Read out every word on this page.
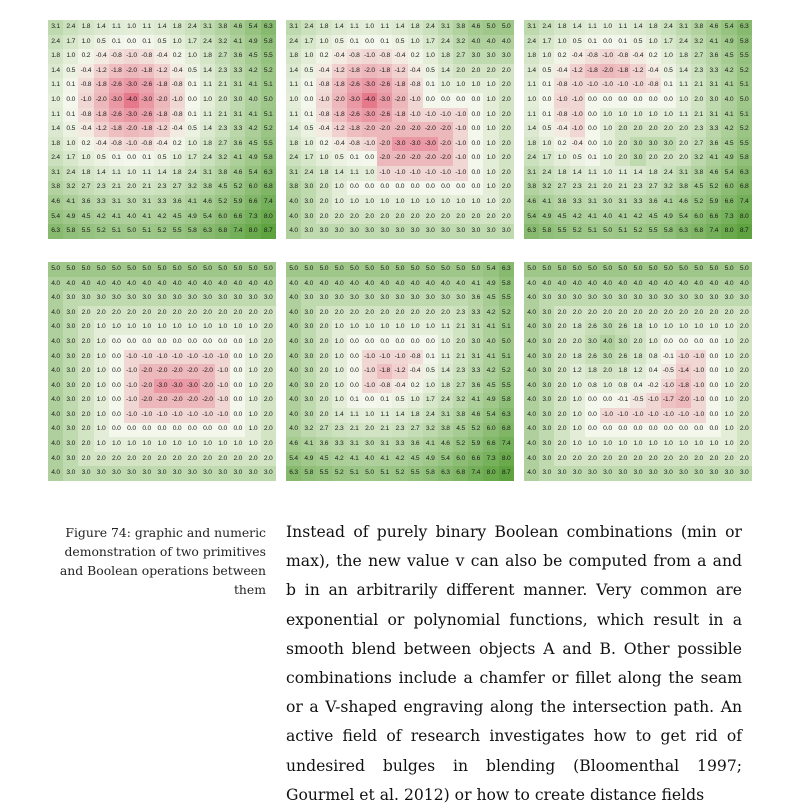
3.1 2.4 1.8 1.4 1.1 1.0 1.1 1.4 1.8 2.4 3.1 3.8 4.6 5.4 6.3
2.4 1.7 1.0 0.5 0.1 0.0 0.1 0.5 1.0 1.7 2.4 3.2 4.1 4.9 5.8
1.8 1.0 0.2 -0.4 -0.8 -1.0 -0.8 -0.4 0.2 1.0 1.8 2.7 3.6 4.5 5.5
1.4 0.5 -0.4 -1.2 -1.8 -2.0 -1.8 -1.2 -0.4 0.5 1.4 2.3 3.3 4.2 5.2
1.1 0.1 -0.8 -1.8 -2.6 -3.0 -2.6 -1.8 -0.8 0.1 1.1 2.1 3.1 4.1 5.1
1.0 0.0 -1.0 -2.0 -3.0 -4.0 -3.0 -2.0 -1.0 0.0 1.0 2.0 3.0 4.0 5.0
1.1 0.1 -0.8 -1.8 -2.6 -3.0 -2.6 -1.8 -0.8 0.1 1.1 2.1 3.1 4.1 5.1
1.4 0.5 -0.4 -1.2 -1.8 -2.0 -1.8 -1.2 -0.4 0.5 1.4 2.3 3.3 4.2 5.2
1.8 1.0 0.2 -0.4 -0.8 -1.0 -0.8 -0.4 0.2 1.0 1.8 2.7 3.6 4.5 5.5
2.4 1.7 1.0 0.5 0.1 0.0 0.1 0.5 1.0 1.7 2.4 3.2 4.1 4.9 5.8
3.1 2.4 1.8 1.4 1.1 1.0 1.1 1.4 1.8 2.4 3.1 3.8 4.6 5.4 6.3
3.8 3.2 2.7 2.3 2.1 2.0 2.1 2.3 2.7 3.2 3.8 4.5 5.2 6.0 6.8
4.6 4.1 3.6 3.3 3.1 3.0 3.1 3.3 3.6 4.1 4.6 5.2 5.9 6.6 7.4
5.4 4.9 4.5 4.2 4.1 4.0 4.1 4.2 4.5 4.9 5.4 6.0 6.6 7.3 8.0
6.3 5.8 5.5 5.2 5.1 5.0 5.1 5.2 5.5 5.8 6.3 6.8 7.4 8.0 8.7
3.1 2.4 1.8 1.4 1.1 1.0 1.1 1.4 1.8 2.4 3.1 3.8 4.6 5.0 5.0
2.4 1.7 1.0 0.5 0.1 0.0 0.1 0.5 1.0 1.7 2.4 3.2 4.0 4.0 4.0
1.8 1.0 0.2 -0.4 -0.8 -1.0 -0.8 -0.4 0.2 1.0 1.8 2.7 3.0 3.0 3.0
1.4 0.5 -0.4 -1.2 -1.8 -2.0 -1.8 -1.2 -0.4 0.5 1.4 2.0 2.0 2.0 2.0
1.1 0.1 -0.8 -1.8 -2.6 -3.0 -2.6 -1.8 -0.8 0.1 1.0 1.0 1.0 1.0 2.0
1.0 0.0 -1.0 -2.0 -3.0 -4.0 -3.0 -2.0 -1.0 0.0 0.0 0.0 0.0 1.0 2.0
1.1 0.1 -0.8 -1.8 -2.6 -3.0 -2.6 -1.8 -1.0 -1.0 -1.0 -1.0 0.0 1.0 2.0
1.4 0.5 -0.4 -1.2 -1.8 -2.0 -2.0 -2.0 -2.0 -2.0 -2.0 -1.0 0.0 1.0 2.0
1.8 1.0 0.2 -0.4 -0.8 -1.0 -2.0 -3.0 -3.0 -3.0 -2.0 -1.0 0.0 1.0 2.0
2.4 1.7 1.0 0.5 0.1 0.0 -2.0 -2.0 -2.0 -2.0 -2.0 -1.0 0.0 1.0 2.0
3.1 2.4 1.8 1.4 1.1 1.0 -1.0 -1.0 -1.0 -1.0 -1.0 -1.0 0.0 1.0 2.0
3.8 3.0 2.0 1.0 0.0 0.0 0.0 0.0 0.0 0.0 0.0 0.0 0.0 1.0 2.0
4.0 3.0 2.0 1.0 1.0 1.0 1.0 1.0 1.0 1.0 1.0 1.0 1.0 1.0 2.0
4.0 3.0 2.0 2.0 2.0 2.0 2.0 2.0 2.0 2.0 2.0 2.0 2.0 2.0 2.0
4.0 3.0 3.0 3.0 3.0 3.0 3.0 3.0 3.0 3.0 3.0 3.0 3.0 3.0 3.0
3.1 2.4 1.8 1.4 1.1 1.0 1.1 1.4 1.8 2.4 3.1 3.8 4.6 5.4 6.3
2.4 1.7 1.0 0.5 0.1 0.0 0.1 0.5 1.0 1.7 2.4 3.2 4.1 4.9 5.8
1.8 1.0 0.2 -0.4 -0.8 -1.0 -0.8 -0.4 0.2 1.0 1.8 2.7 3.6 4.5 5.5
1.4 0.5 -0.4 -1.2 -1.8 -2.0 -1.8 -1.2 -0.4 0.5 1.4 2.3 3.3 4.2 5.2
1.1 0.1 -0.8 -1.0 -1.0 -1.0 -1.0 -1.0 -0.8 0.1 1.1 2.1 3.1 4.1 5.1
1.0 0.0 -1.0 -1.0 0.0 0.0 0.0 0.0 0.0 0.0 1.0 2.0 3.0 4.0 5.0
1.1 0.1 -0.8 -1.0 0.0 1.0 1.0 1.0 1.0 1.0 1.1 2.1 3.1 4.1 5.1
1.4 0.5 -0.4 -1.0 0.0 1.0 2.0 2.0 2.0 2.0 2.0 2.3 3.3 4.2 5.2
1.8 1.0 0.2 -0.4 0.0 1.0 2.0 3.0 3.0 3.0 2.0 2.7 3.6 4.5 5.5
2.4 1.7 1.0 0.5 0.1 1.0 2.0 3.0 2.0 2.0 2.0 3.2 4.1 4.9 5.8
3.1 2.4 1.8 1.4 1.1 1.0 1.1 1.4 1.8 2.4 3.1 3.8 4.6 5.4 6.3
3.8 3.2 2.7 2.3 2.1 2.0 2.1 2.3 2.7 3.2 3.8 4.5 5.2 6.0 6.8
4.6 4.1 3.6 3.3 3.1 3.0 3.1 3.3 3.6 4.1 4.6 5.2 5.9 6.6 7.4
5.4 4.9 4.5 4.2 4.1 4.0 4.1 4.2 4.5 4.9 5.4 6.0 6.6 7.3 8.0
6.3 5.8 5.5 5.2 5.1 5.0 5.1 5.2 5.5 5.8 6.3 6.8 7.4 8.0 8.7
5.0 5.0 5.0 5.0 5.0 5.0 5.0 5.0 5.0 5.0 5.0 5.0 5.0 5.0 5.0
4.0 4.0 4.0 4.0 4.0 4.0 4.0 4.0 4.0 4.0 4.0 4.0 4.0 4.0 4.0
4.0 3.0 3.0 3.0 3.0 3.0 3.0 3.0 3.0 3.0 3.0 3.0 3.0 3.0 3.0
4.0 3.0 2.0 2.0 2.0 2.0 2.0 2.0 2.0 2.0 2.0 2.0 2.0 2.0 2.0
4.0 3.0 2.0 1.0 1.0 1.0 1.0 1.0 1.0 1.0 1.0 1.0 1.0 1.0 2.0
4.0 3.0 2.0 1.0 0.0 0.0 0.0 0.0 0.0 0.0 0.0 0.0 0.0 1.0 2.0
4.0 3.0 2.0 1.0 0.0 -1.0 -1.0 -1.0 -1.0 -1.0 -1.0 -1.0 0.0 1.0 2.0
4.0 3.0 2.0 1.0 0.0 -1.0 -2.0 -2.0 -2.0 -2.0 -2.0 -1.0 0.0 1.0 2.0
4.0 3.0 2.0 1.0 0.0 -1.0 -2.0 -3.0 -3.0 -3.0 -2.0 -1.0 0.0 1.0 2.0
4.0 3.0 2.0 1.0 0.0 -1.0 -2.0 -2.0 -2.0 -2.0 -2.0 -1.0 0.0 1.0 2.0
4.0 3.0 2.0 1.0 0.0 -1.0 -1.0 -1.0 -1.0 -1.0 -1.0 -1.0 0.0 1.0 2.0
4.0 3.0 2.0 1.0 0.0 0.0 0.0 0.0 0.0 0.0 0.0 0.0 0.0 1.0 2.0
4.0 3.0 2.0 1.0 1.0 1.0 1.0 1.0 1.0 1.0 1.0 1.0 1.0 1.0 2.0
4.0 3.0 2.0 2.0 2.0 2.0 2.0 2.0 2.0 2.0 2.0 2.0 2.0 2.0 2.0
4.0 3.0 3.0 3.0 3.0 3.0 3.0 3.0 3.0 3.0 3.0 3.0 3.0 3.0 3.0
5.0 5.0 5.0 5.0 5.0 5.0 5.0 5.0 5.0 5.0 5.0 5.0 5.0 5.4 6.3
4.0 4.0 4.0 4.0 4.0 4.0 4.0 4.0 4.0 4.0 4.0 4.0 4.1 4.9 5.8
4.0 3.0 3.0 3.0 3.0 3.0 3.0 3.0 3.0 3.0 3.0 3.0 3.6 4.5 5.5
4.0 3.0 2.0 2.0 2.0 2.0 2.0 2.0 2.0 2.0 2.0 2.3 3.3 4.2 5.2
4.0 3.0 2.0 1.0 1.0 1.0 1.0 1.0 1.0 1.0 1.1 2.1 3.1 4.1 5.1
4.0 3.0 2.0 1.0 0.0 0.0 0.0 0.0 0.0 0.0 1.0 2.0 3.0 4.0 5.0
4.0 3.0 2.0 1.0 0.0 -1.0 -1.0 -1.0 -0.8 0.1 1.1 2.1 3.1 4.1 5.1
4.0 3.0 2.0 1.0 0.0 -1.0 -1.8 -1.2 -0.4 0.5 1.4 2.3 3.3 4.2 5.2
4.0 3.0 2.0 1.0 0.0 -1.0 -0.8 -0.4 0.2 1.0 1.8 2.7 3.6 4.5 5.5
4.0 3.0 2.0 1.0 0.1 0.0 0.1 0.5 1.0 1.7 2.4 3.2 4.1 4.9 5.8
4.0 3.0 2.0 1.4 1.1 1.0 1.1 1.4 1.8 2.4 3.1 3.8 4.6 5.4 6.3
4.0 3.2 2.7 2.3 2.1 2.0 2.1 2.3 2.7 3.2 3.8 4.5 5.2 6.0 6.8
4.6 4.1 3.6 3.3 3.1 3.0 3.1 3.3 3.6 4.1 4.6 5.2 5.9 6.6 7.4
5.4 4.9 4.5 4.2 4.1 4.0 4.1 4.2 4.5 4.9 5.4 6.0 6.6 7.3 8.0
6.3 5.8 5.5 5.2 5.1 5.0 5.1 5.2 5.5 5.8 6.3 6.8 7.4 8.0 8.7
5.0 5.0 5.0 5.0 5.0 5.0 5.0 5.0 5.0 5.0 5.0 5.0 5.0 5.0 5.0
4.0 4.0 4.0 4.0 4.0 4.0 4.0 4.0 4.0 4.0 4.0 4.0 4.0 4.0 4.0
4.0 3.0 3.0 3.0 3.0 3.0 3.0 3.0 3.0 3.0 3.0 3.0 3.0 3.0 3.0
4.0 3.0 2.0 2.0 2.0 2.0 2.0 2.0 2.0 2.0 2.0 2.0 2.0 2.0 2.0
4.0 3.0 2.0 1.8 2.6 3.0 2.6 1.8 1.0 1.0 1.0 1.0 1.0 1.0 2.0
4.0 3.0 2.0 2.0 3.0 4.0 3.0 2.0 1.0 0.0 0.0 0.0 0.0 1.0 2.0
4.0 3.0 2.0 1.8 2.6 3.0 2.6 1.8 0.8 -0.1 -1.0 -1.0 0.0 1.0 2.0
4.0 3.0 2.0 1.2 1.8 2.0 1.8 1.2 0.4 -0.5 -1.4 -1.0 0.0 1.0 2.0
4.0 3.0 2.0 1.0 0.8 1.0 0.8 0.4 -0.2 -1.0 -1.8 -1.0 0.0 1.0 2.0
4.0 3.0 2.0 1.0 0.0 0.0 -0.1 -0.5 -1.0 -1.7 -2.0 -1.0 0.0 1.0 2.0
4.0 3.0 2.0 1.0 0.0 -1.0 -1.0 -1.0 -1.0 -1.0 -1.0 -1.0 0.0 1.0 2.0
4.0 3.0 2.0 1.0 0.0 0.0 0.0 0.0 0.0 0.0 0.0 0.0 0.0 1.0 2.0
4.0 3.0 2.0 1.0 1.0 1.0 1.0 1.0 1.0 1.0 1.0 1.0 1.0 1.0 2.0
4.0 3.0 2.0 2.0 2.0 2.0 2.0 2.0 2.0 2.0 2.0 2.0 2.0 2.0 2.0
4.0 3.0 3.0 3.0 3.0 3.0 3.0 3.0 3.0 3.0 3.0 3.0 3.0 3.0 3.0
Figure 74: graphic and numeric demonstration of two primitives and Boolean operations between them
Instead of purely binary Boolean combinations (min or max), the new value v can also be computed from a and b in an arbitrarily different manner. Very common are exponential or polynomial functions, which result in a smooth blend between objects A and B. Other possible combinations include a chamfer or fillet along the seam or a V-shaped engraving along the intersection path. An active field of research investigates how to get rid of undesired bulges in blending (Bloomenthal 1997; Gourmel et al. 2012) or how to create distance fields
